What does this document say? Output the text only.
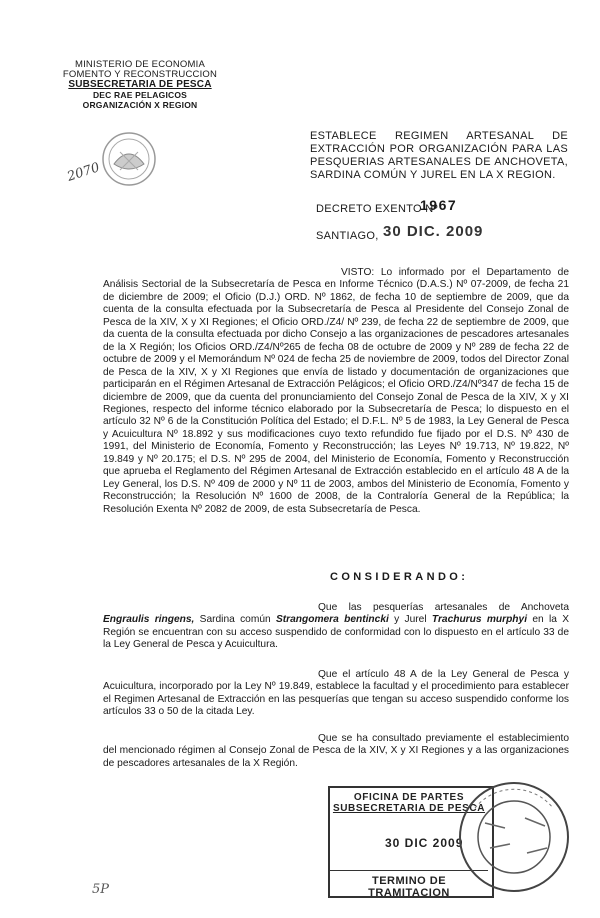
MINISTERIO DE ECONOMIA
FOMENTO Y RECONSTRUCCION
SUBSECRETARIA DE PESCA
DEC RAE PELAGICOS
ORGANIZACIÓN X REGION
2070
ESTABLECE REGIMEN ARTESANAL DE EXTRACCIÓN POR ORGANIZACIÓN PARA LAS PESQUERIAS ARTESANALES DE ANCHOVETA, SARDINA COMÚN Y JUREL EN LA X REGION.
DECRETO EXENTO Nº
1967
SANTIAGO, 30 DIC. 2009
VISTO: Lo informado por el Departamento de Análisis Sectorial de la Subsecretaría de Pesca en Informe Técnico (D.A.S.) Nº 07-2009, de fecha 21 de diciembre de 2009; el Oficio (D.J.) ORD. Nº 1862, de fecha 10 de septiembre de 2009, que da cuenta de la consulta efectuada por la Subsecretaría de Pesca al Presidente del Consejo Zonal de Pesca de la XIV, X y XI Regiones; el Oficio ORD./Z4/ Nº 239, de fecha 22 de septiembre de 2009, que da cuenta de la consulta efectuada por dicho Consejo a las organizaciones de pescadores artesanales de la X Región; los Oficios ORD./Z4/Nº265 de fecha 08 de octubre de 2009 y Nº 289 de fecha 22 de octubre de 2009 y el Memorándum Nº 024 de fecha 25 de noviembre de 2009, todos del Director Zonal de Pesca de la XIV, X y XI Regiones que envía de listado y documentación de organizaciones que participarán en el Régimen Artesanal de Extracción Pelágicos; el Oficio ORD./Z4/Nº347 de fecha 15 de diciembre de 2009, que da cuenta del pronunciamiento del Consejo Zonal de Pesca de la XIV, X y XI Regiones, respecto del informe técnico elaborado por la Subsecretaría de Pesca; lo dispuesto en el artículo 32 Nº 6 de la Constitución Política del Estado; el D.F.L. Nº 5 de 1983, la Ley General de Pesca y Acuicultura Nº 18.892 y sus modificaciones cuyo texto refundido fue fijado por el D.S. Nº 430 de 1991, del Ministerio de Economía, Fomento y Reconstrucción; las Leyes Nº 19.713, Nº 19.822, Nº 19.849 y Nº 20.175; el D.S. Nº 295 de 2004, del Ministerio de Economía, Fomento y Reconstrucción que aprueba el Reglamento del Régimen Artesanal de Extracción establecido en el artículo 48 A de la Ley General, los D.S. Nº 409 de 2000 y Nº 11 de 2003, ambos del Ministerio de Economía, Fomento y Reconstrucción; la Resolución Nº 1600 de 2008, de la Contraloría General de la República; la Resolución Exenta Nº 2082 de 2009, de esta Subsecretaría de Pesca.
CONSIDERANDO:
Que las pesquerías artesanales de Anchoveta Engraulis ringens, Sardina común Strangomera bentincki y Jurel Trachurus murphyi en la X Región se encuentran con su acceso suspendido de conformidad con lo dispuesto en el artículo 33 de la Ley General de Pesca y Acuicultura.
Que el artículo 48 A de la Ley General de Pesca y Acuicultura, incorporado por la Ley Nº 19.849, establece la facultad y el procedimiento para establecer el Regimen Artesanal de Extracción en las pesquerías que tengan su acceso suspendido conforme los artículos 33 o 50 de la citada Ley.
Que se ha consultado previamente el establecimiento del mencionado régimen al Consejo Zonal de Pesca de la XIV, X y XI Regiones y a las organizaciones de pescadores artesanales de la X Región.
OFICINA DE PARTES
SUBSECRETARIA DE PESCA
30 DIC 2009
TERMINO DE TRAMITACION
5P
